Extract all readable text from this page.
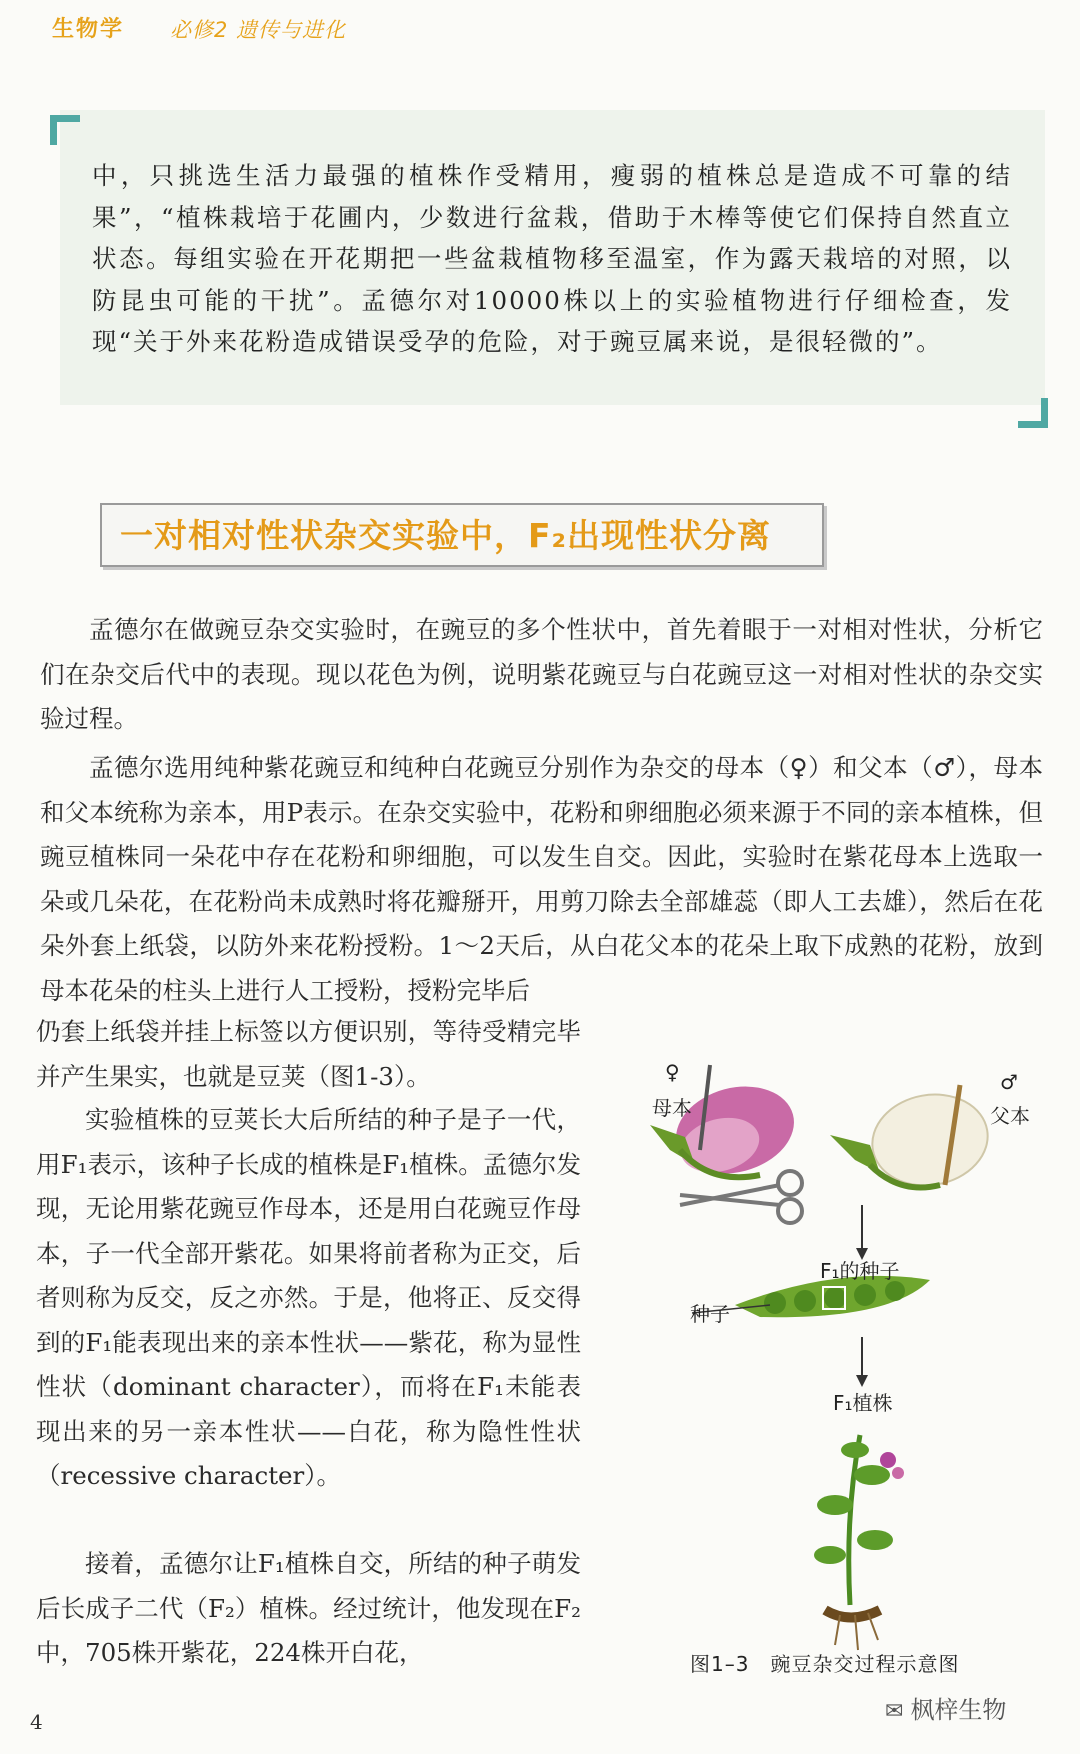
生物学 必修2 遗传与进化
中，只挑选生活力最强的植株作受精用，瘦弱的植株总是造成不可靠的结果”，“植株栽培于花圃内，少数进行盆栽，借助于木棒等使它们保持自然直立状态。每组实验在开花期把一些盆栽植物移至温室，作为露天栽培的对照，以防昆虫可能的干扰”。孟德尔对10000株以上的实验植物进行仔细检查，发现“关于外来花粉造成错误受孕的危险，对于豌豆属来说，是很轻微的”。
一对相对性状杂交实验中，F₂出现性状分离
孟德尔在做豌豆杂交实验时，在豌豆的多个性状中，首先着眼于一对相对性状，分析它们在杂交后代中的表现。现以花色为例，说明紫花豌豆与白花豌豆这一对相对性状的杂交实验过程。
孟德尔选用纯种紫花豌豆和纯种白花豌豆分别作为杂交的母本（♀）和父本（♂），母本和父本统称为亲本，用P表示。在杂交实验中，花粉和卵细胞必须来源于不同的亲本植株，但豌豆植株同一朵花中存在花粉和卵细胞，可以发生自交。因此，实验时在紫花母本上选取一朵或几朵花，在花粉尚未成熟时将花瓣掰开，用剪刀除去全部雄蕊（即人工去雄），然后在花朵外套上纸袋，以防外来花粉授粉。1～2天后，从白花父本的花朵上取下成熟的花粉，放到母本花朵的柱头上进行人工授粉，授粉完毕后
仍套上纸袋并挂上标签以方便识别，等待受精完毕并产生果实，也就是豆荚（图1-3）。
实验植株的豆荚长大后所结的种子是子一代，用F₁表示，该种子长成的植株是F₁植株。孟德尔发现，无论用紫花豌豆作母本，还是用白花豌豆作母本，子一代全部开紫花。如果将前者称为正交，后者则称为反交，反之亦然。于是，他将正、反交得到的F₁能表现出来的亲本性状——紫花，称为显性性状（dominant character），而将在F₁未能表现出来的另一亲本性状——白花，称为隐性性状（recessive character）。
接着，孟德尔让F₁植株自交，所结的种子萌发后长成子二代（F₂）植株。经过统计，他发现在F₂中，705株开紫花，224株开白花，
♀
母本
♂
父本
F₁的种子
种子
F₁植株
图1–3　豌豆杂交过程示意图
4	✉ 枫梓生物
